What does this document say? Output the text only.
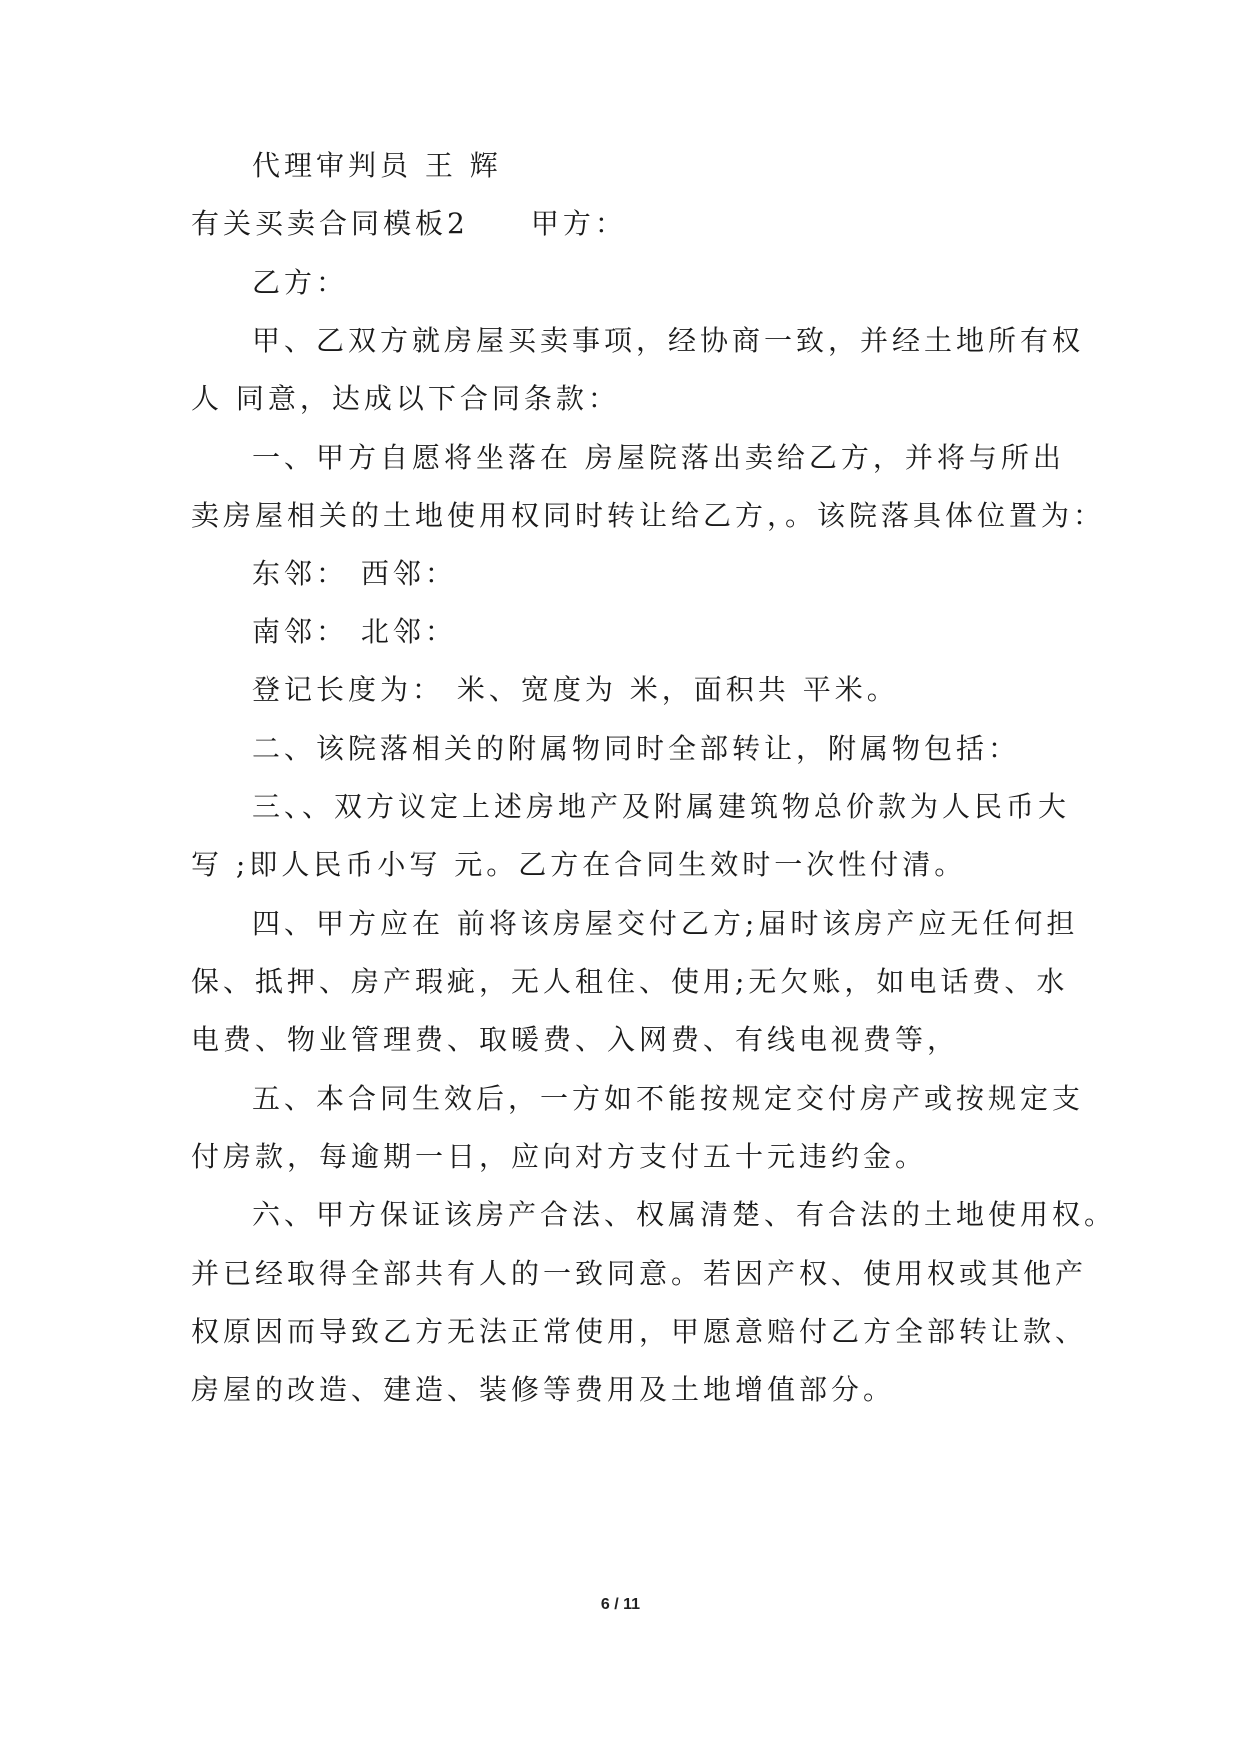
代理审判员 王 辉
有关买卖合同模板2 甲方：
乙方：
甲、乙双方就房屋买卖事项，经协商一致，并经土地所有权
人 同意，达成以下合同条款：
一、甲方自愿将坐落在 房屋院落出卖给乙方，并将与所出
卖房屋相关的土地使用权同时转让给乙方，。该院落具体位置为：
东邻： 西邻：
南邻： 北邻：
登记长度为： 米、宽度为 米，面积共 平米。
二、该院落相关的附属物同时全部转让，附属物包括：
三、、双方议定上述房地产及附属建筑物总价款为人民币大
写 ;即人民币小写 元。乙方在合同生效时一次性付清。
四、甲方应在 前将该房屋交付乙方;届时该房产应无任何担
保、抵押、房产瑕疵，无人租住、使用;无欠账，如电话费、水
电费、物业管理费、取暖费、入网费、有线电视费等，
五、本合同生效后，一方如不能按规定交付房产或按规定支
付房款，每逾期一日，应向对方支付五十元违约金。
六、甲方保证该房产合法、权属清楚、有合法的土地使用权。
并已经取得全部共有人的一致同意。若因产权、使用权或其他产
权原因而导致乙方无法正常使用，甲愿意赔付乙方全部转让款、
房屋的改造、建造、装修等费用及土地增值部分。
6 / 11
